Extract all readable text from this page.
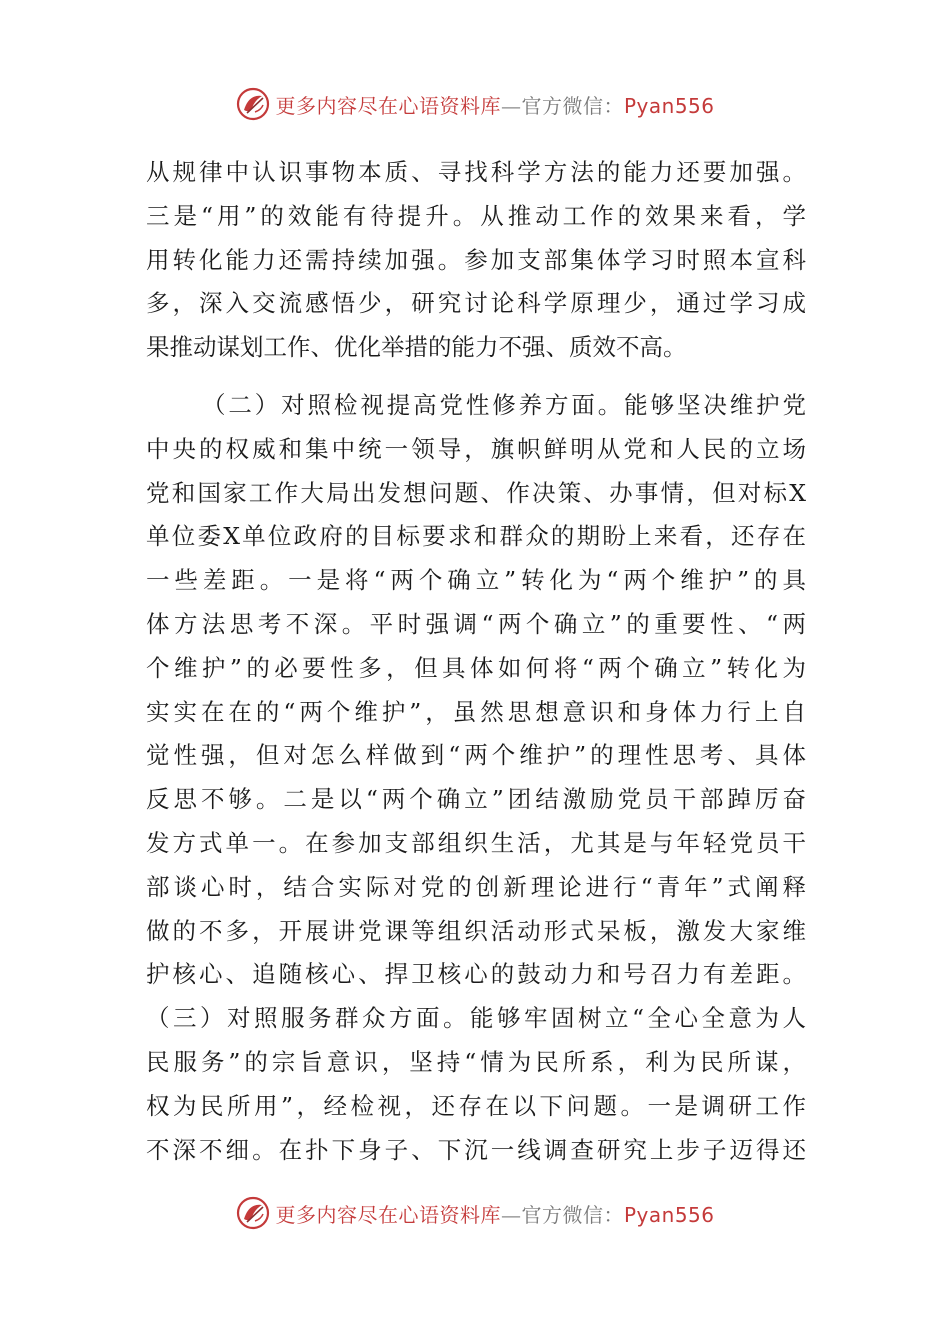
更多内容尽在心语资料库—官方微信：Pyan556
从规律中认识事物本质、寻找科学方法的能力还要加强。
三是“用”的效能有待提升。从推动工作的效果来看，学
用转化能力还需持续加强。参加支部集体学习时照本宣科
多，深入交流感悟少，研究讨论科学原理少，通过学习成
果推动谋划工作、优化举措的能力不强、质效不高。
（二）对照检视提高党性修养方面。能够坚决维护党
中央的权威和集中统一领导，旗帜鲜明从党和人民的立场
党和国家工作大局出发想问题、作决策、办事情，但对标X
单位委X单位政府的目标要求和群众的期盼上来看，还存在
一些差距。一是将“两个确立”转化为“两个维护”的具
体方法思考不深。平时强调“两个确立”的重要性、“两
个维护”的必要性多，但具体如何将“两个确立”转化为
实实在在的“两个维护”，虽然思想意识和身体力行上自
觉性强，但对怎么样做到“两个维护”的理性思考、具体
反思不够。二是以“两个确立”团结激励党员干部踔厉奋
发方式单一。在参加支部组织生活，尤其是与年轻党员干
部谈心时，结合实际对党的创新理论进行“青年”式阐释
做的不多，开展讲党课等组织活动形式呆板，激发大家维
护核心、追随核心、捍卫核心的鼓动力和号召力有差距。
（三）对照服务群众方面。能够牢固树立“全心全意为人
民服务”的宗旨意识，坚持“情为民所系，利为民所谋，
权为民所用”，经检视，还存在以下问题。一是调研工作
不深不细。在扑下身子、下沉一线调查研究上步子迈得还
更多内容尽在心语资料库—官方微信：Pyan556
